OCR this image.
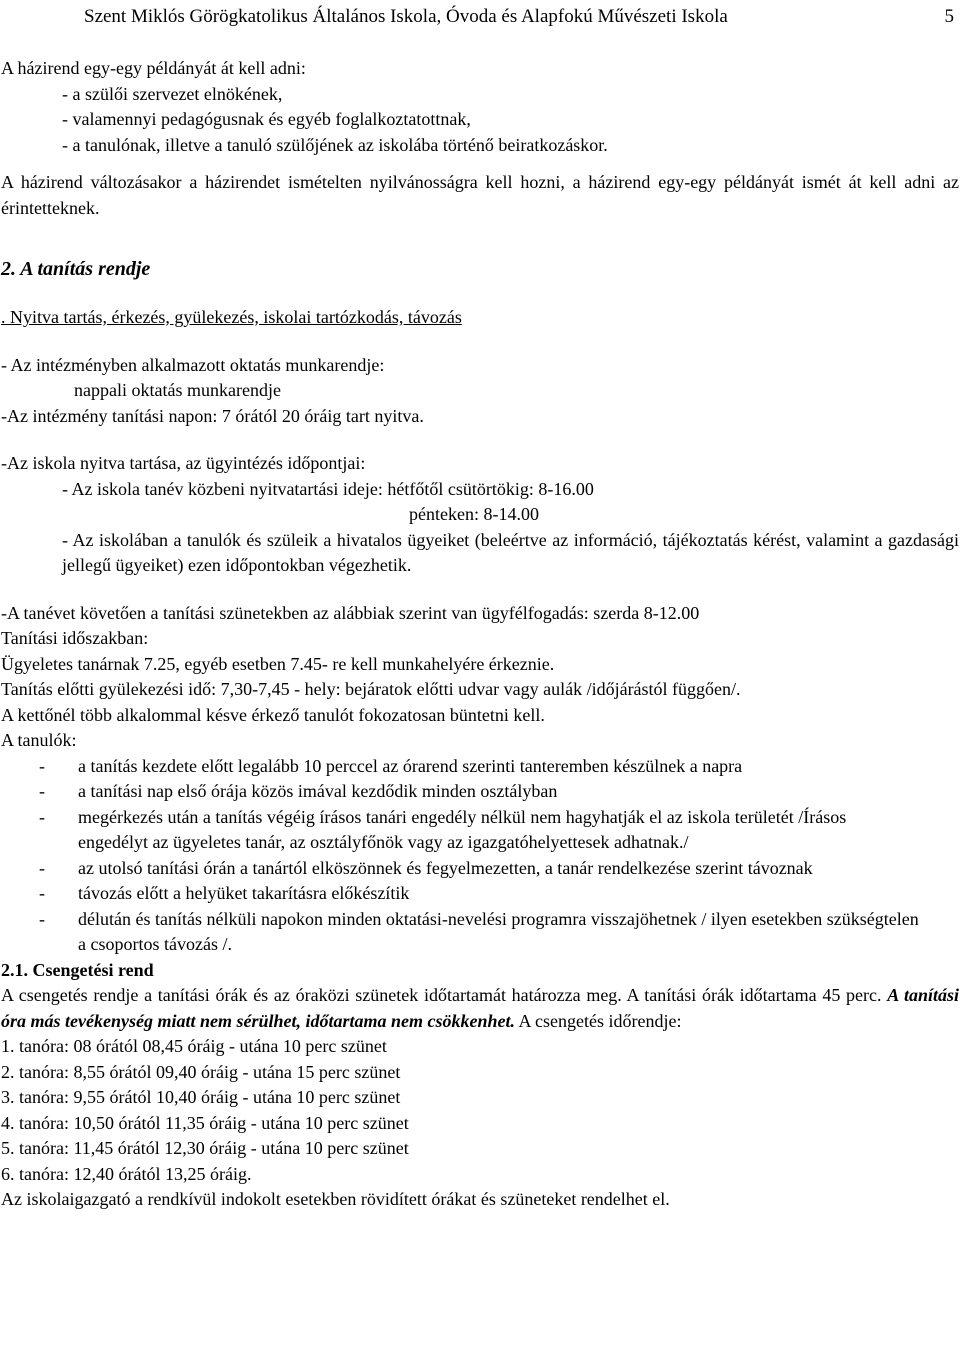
Szent Miklós Görögkatolikus Általános Iskola, Óvoda és Alapfokú Művészeti Iskola	5
A házirend egy-egy példányát át kell adni:
- a szülői szervezet elnökének,
- valamennyi pedagógusnak és egyéb foglalkoztatottnak,
- a tanulónak, illetve a tanuló szülőjének az iskolába történő beiratkozáskor.
A házirend változásakor a házirendet ismételten nyilvánosságra kell hozni, a házirend egy-egy példányát ismét át kell adni az érintetteknek.
2. A tanítás rendje
. Nyitva tartás, érkezés, gyülekezés, iskolai tartózkodás, távozás
- Az intézményben alkalmazott oktatás munkarendje:
nappali oktatás munkarendje
-Az intézmény tanítási napon: 7 órától 20 óráig tart nyitva.
-Az iskola nyitva tartása, az ügyintézés időpontjai:
- Az iskola tanév közbeni nyitvatartási ideje: hétfőtől csütörtökig: 8-16.00
pénteken: 8-14.00
- Az iskolában a tanulók és szüleik a hivatalos ügyeiket (beleértve az információ, tájékoztatás kérést, valamint a gazdasági jellegű ügyeiket) ezen időpontokban végezhetik.
-A tanévet követően a tanítási szünetekben az alábbiak szerint van ügyfélfogadás: szerda 8-12.00
Tanítási időszakban:
Ügyeletes tanárnak 7.25, egyéb esetben 7.45- re kell munkahelyére érkeznie.
Tanítás előtti gyülekezési idő: 7,30-7,45 - hely: bejáratok előtti udvar vagy aulák /időjárástól függően/.
A kettőnél több alkalommal késve érkező tanulót fokozatosan büntetni kell.
A tanulók:
-	a tanítás kezdete előtt legalább 10 perccel az órarend szerinti tanteremben készülnek a napra
-	a tanítási nap első órája közös imával kezdődik minden osztályban
-	megérkezés után a tanítás végéig írásos tanári engedély nélkül nem hagyhatják el az iskola területét /Írásos engedélyt az ügyeletes tanár, az osztályfőnök vagy az igazgatóhelyettesek adhatnak./
-	az utolsó tanítási órán a tanártól elköszönnek és fegyelmezetten, a tanár rendelkezése szerint távoznak
-	távozás előtt a helyüket takarításra előkészítik
-	délután és tanítás nélküli napokon minden oktatási-nevelési programra visszajöhetnek / ilyen esetekben szükségtelen a csoportos távozás /.
2.1. Csengetési rend
A csengetés rendje a tanítási órák és az óraközi szünetek időtartamát határozza meg. A tanítási órák időtartama 45 perc. A tanítási óra más tevékenység miatt nem sérülhet, időtartama nem csökkenhet. A csengetés időrendje:
1. tanóra: 08 órától 08,45 óráig - utána 10 perc szünet
2. tanóra: 8,55 órától 09,40 óráig - utána 15 perc szünet
3. tanóra: 9,55 órától 10,40 óráig - utána 10 perc szünet
4. tanóra: 10,50 órától 11,35 óráig - utána 10 perc szünet
5. tanóra: 11,45 órától 12,30 óráig - utána 10 perc szünet
6. tanóra: 12,40 órától 13,25 óráig.
Az iskolaigazgató a rendkívül indokolt esetekben rövidített órákat és szüneteket rendelhet el.
